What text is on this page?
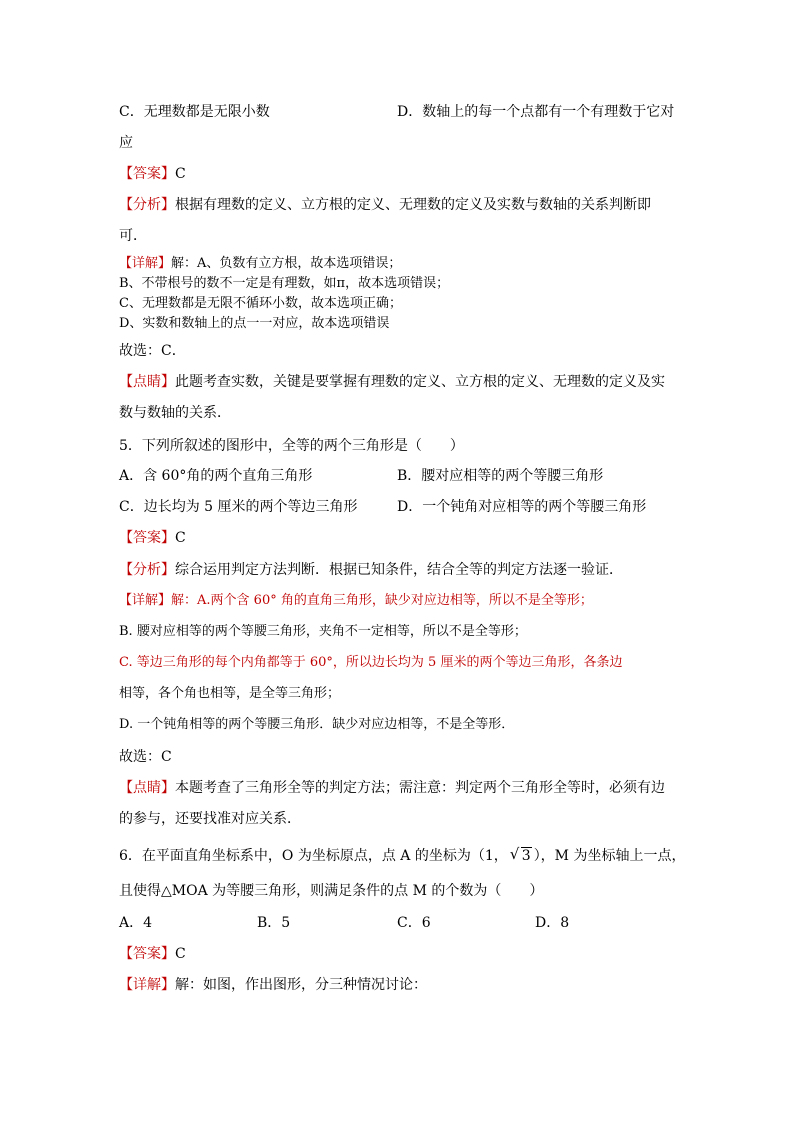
C．无理数都是无限小数	D．数轴上的每一个点都有一个有理数于它对
应
【答案】C
【分析】根据有理数的定义、立方根的定义、无理数的定义及实数与数轴的关系判断即
可．
【详解】解：A、负数有立方根，故本选项错误；
B、不带根号的数不一定是有理数，如π，故本选项错误；
C、无理数都是无限不循环小数，故本选项正确；
D、实数和数轴上的点一一对应，故本选项错误
故选：C．
【点睛】此题考查实数，关键是要掌握有理数的定义、立方根的定义、无理数的定义及实
数与数轴的关系．
5．下列所叙述的图形中，全等的两个三角形是（　　）
A．含 60°角的两个直角三角形	B．腰对应相等的两个等腰三角形
C．边长均为 5 厘米的两个等边三角形	D．一个钝角对应相等的两个等腰三角形
【答案】C
【分析】综合运用判定方法判断．根据已知条件，结合全等的判定方法逐一验证．
【详解】解：A.两个含 60° 角的直角三角形，缺少对应边相等，所以不是全等形；
B. 腰对应相等的两个等腰三角形，夹角不一定相等，所以不是全等形；
C. 等边三角形的每个内角都等于 60°，所以边长均为 5 厘米的两个等边三角形，各条边
相等，各个角也相等，是全等三角形；
D. 一个钝角相等的两个等腰三角形．缺少对应边相等，不是全等形．
故选：C
【点睛】本题考查了三角形全等的判定方法；需注意：判定两个三角形全等时，必须有边
的参与，还要找准对应关系．
6．在平面直角坐标系中，O 为坐标原点，点 A 的坐标为（1， √ 3 ），M 为坐标轴上一点，
且使得△MOA 为等腰三角形，则满足条件的点 M 的个数为（　　）
A．4	B．5	C．6	D．8
【答案】C
【详解】解：如图，作出图形，分三种情况讨论：
